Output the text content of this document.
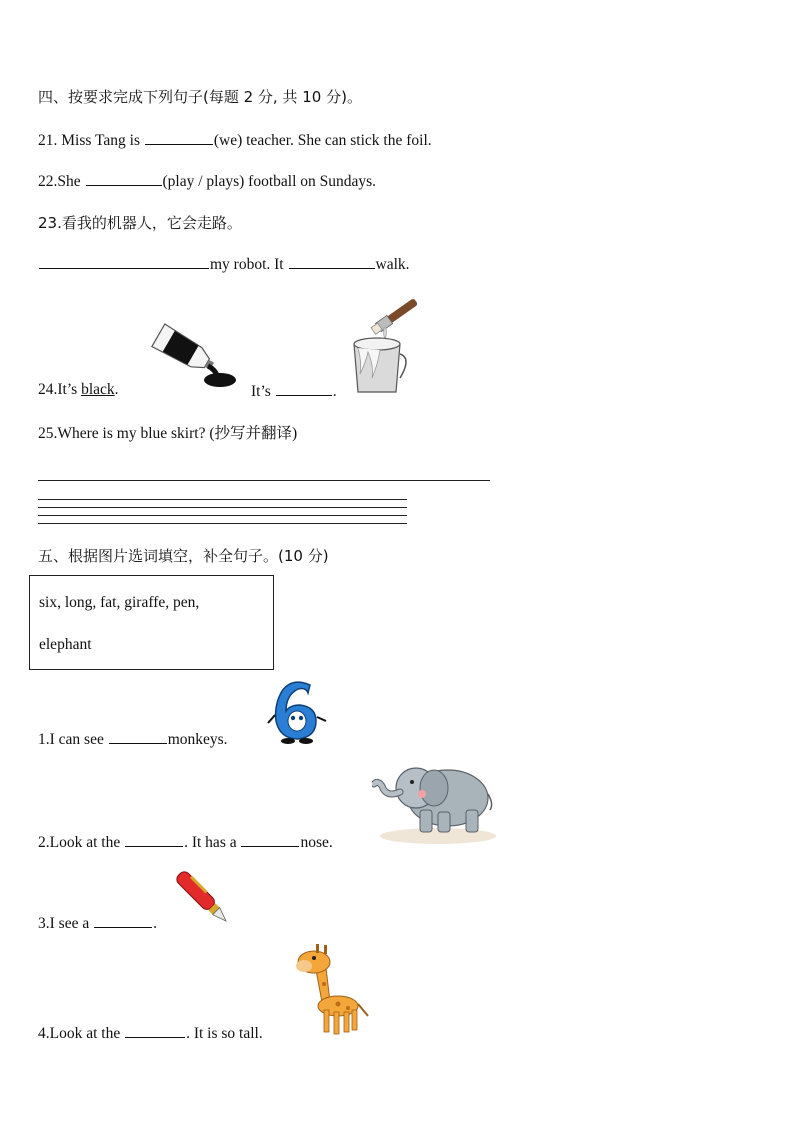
四、按要求完成下列句子(每题 2 分, 共 10 分)。
21. Miss Tang is	(we) teacher. She can stick the foil.
22.She	(play / plays) football on Sundays.
23.看我的机器人，它会走路。
my robot. It	walk.
24.It’s black.	It’s	.
25.Where is my blue skirt? (抄写并翻译)
五、根据图片选词填空，补全句子。(10 分)
six, long, fat, giraffe, pen,
elephant
1.I can see	monkeys.
2.Look at the	. It has a	nose.
3.I see a	.
4.Look at the	. It is so tall.
